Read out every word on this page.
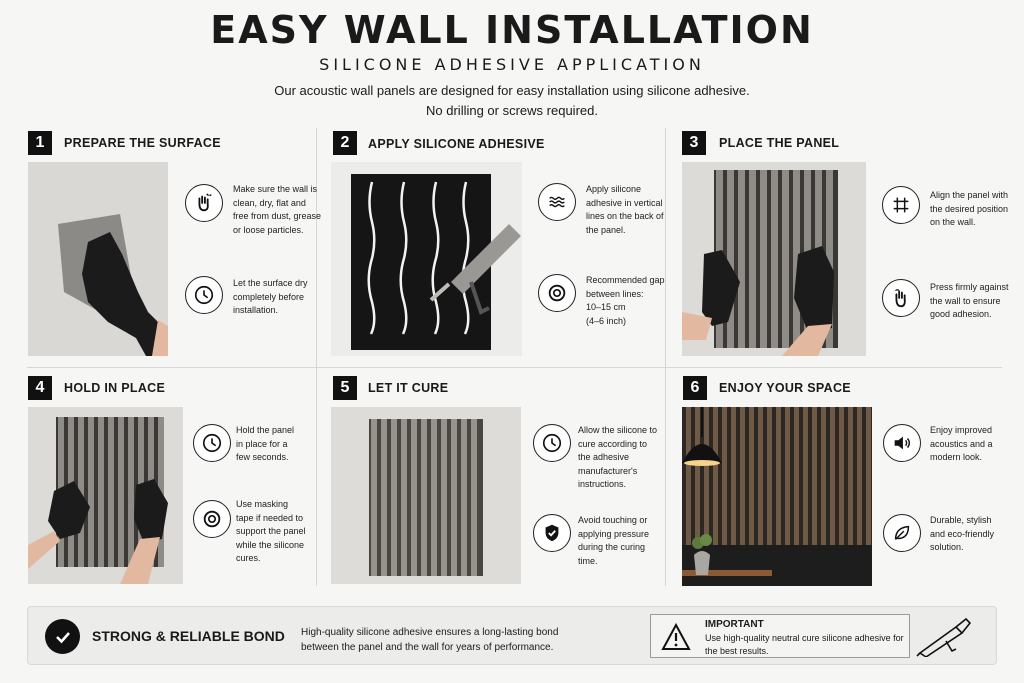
EASY WALL INSTALLATION
SILICONE ADHESIVE APPLICATION
Our acoustic wall panels are designed for easy installation using silicone adhesive.
No drilling or screws required.
1	PREPARE THE SURFACE
Make sure the wall is clean, dry, flat and free from dust, grease or loose particles.
Let the surface dry completely before installation.
2	APPLY SILICONE ADHESIVE
Apply silicone adhesive in vertical lines on the back of the panel.
Recommended gap between lines:
10–15 cm
(4–6 inch)
3	PLACE THE PANEL
Align the panel with the desired position on the wall.
Press firmly against the wall to ensure good adhesion.
4	HOLD IN PLACE
Hold the panel in place for a few seconds.
Use masking tape if needed to support the panel while the silicone cures.
5	LET IT CURE
Allow the silicone to cure according to the adhesive manufacturer's instructions.
Avoid touching or applying pressure during the curing time.
6	ENJOY YOUR SPACE
Enjoy improved acoustics and a modern look.
Durable, stylish and eco-friendly solution.
STRONG & RELIABLE BOND High-quality silicone adhesive ensures a long-lasting bond between the panel and the wall for years of performance.
IMPORTANT
Use high-quality neutral cure silicone adhesive for the best results.
